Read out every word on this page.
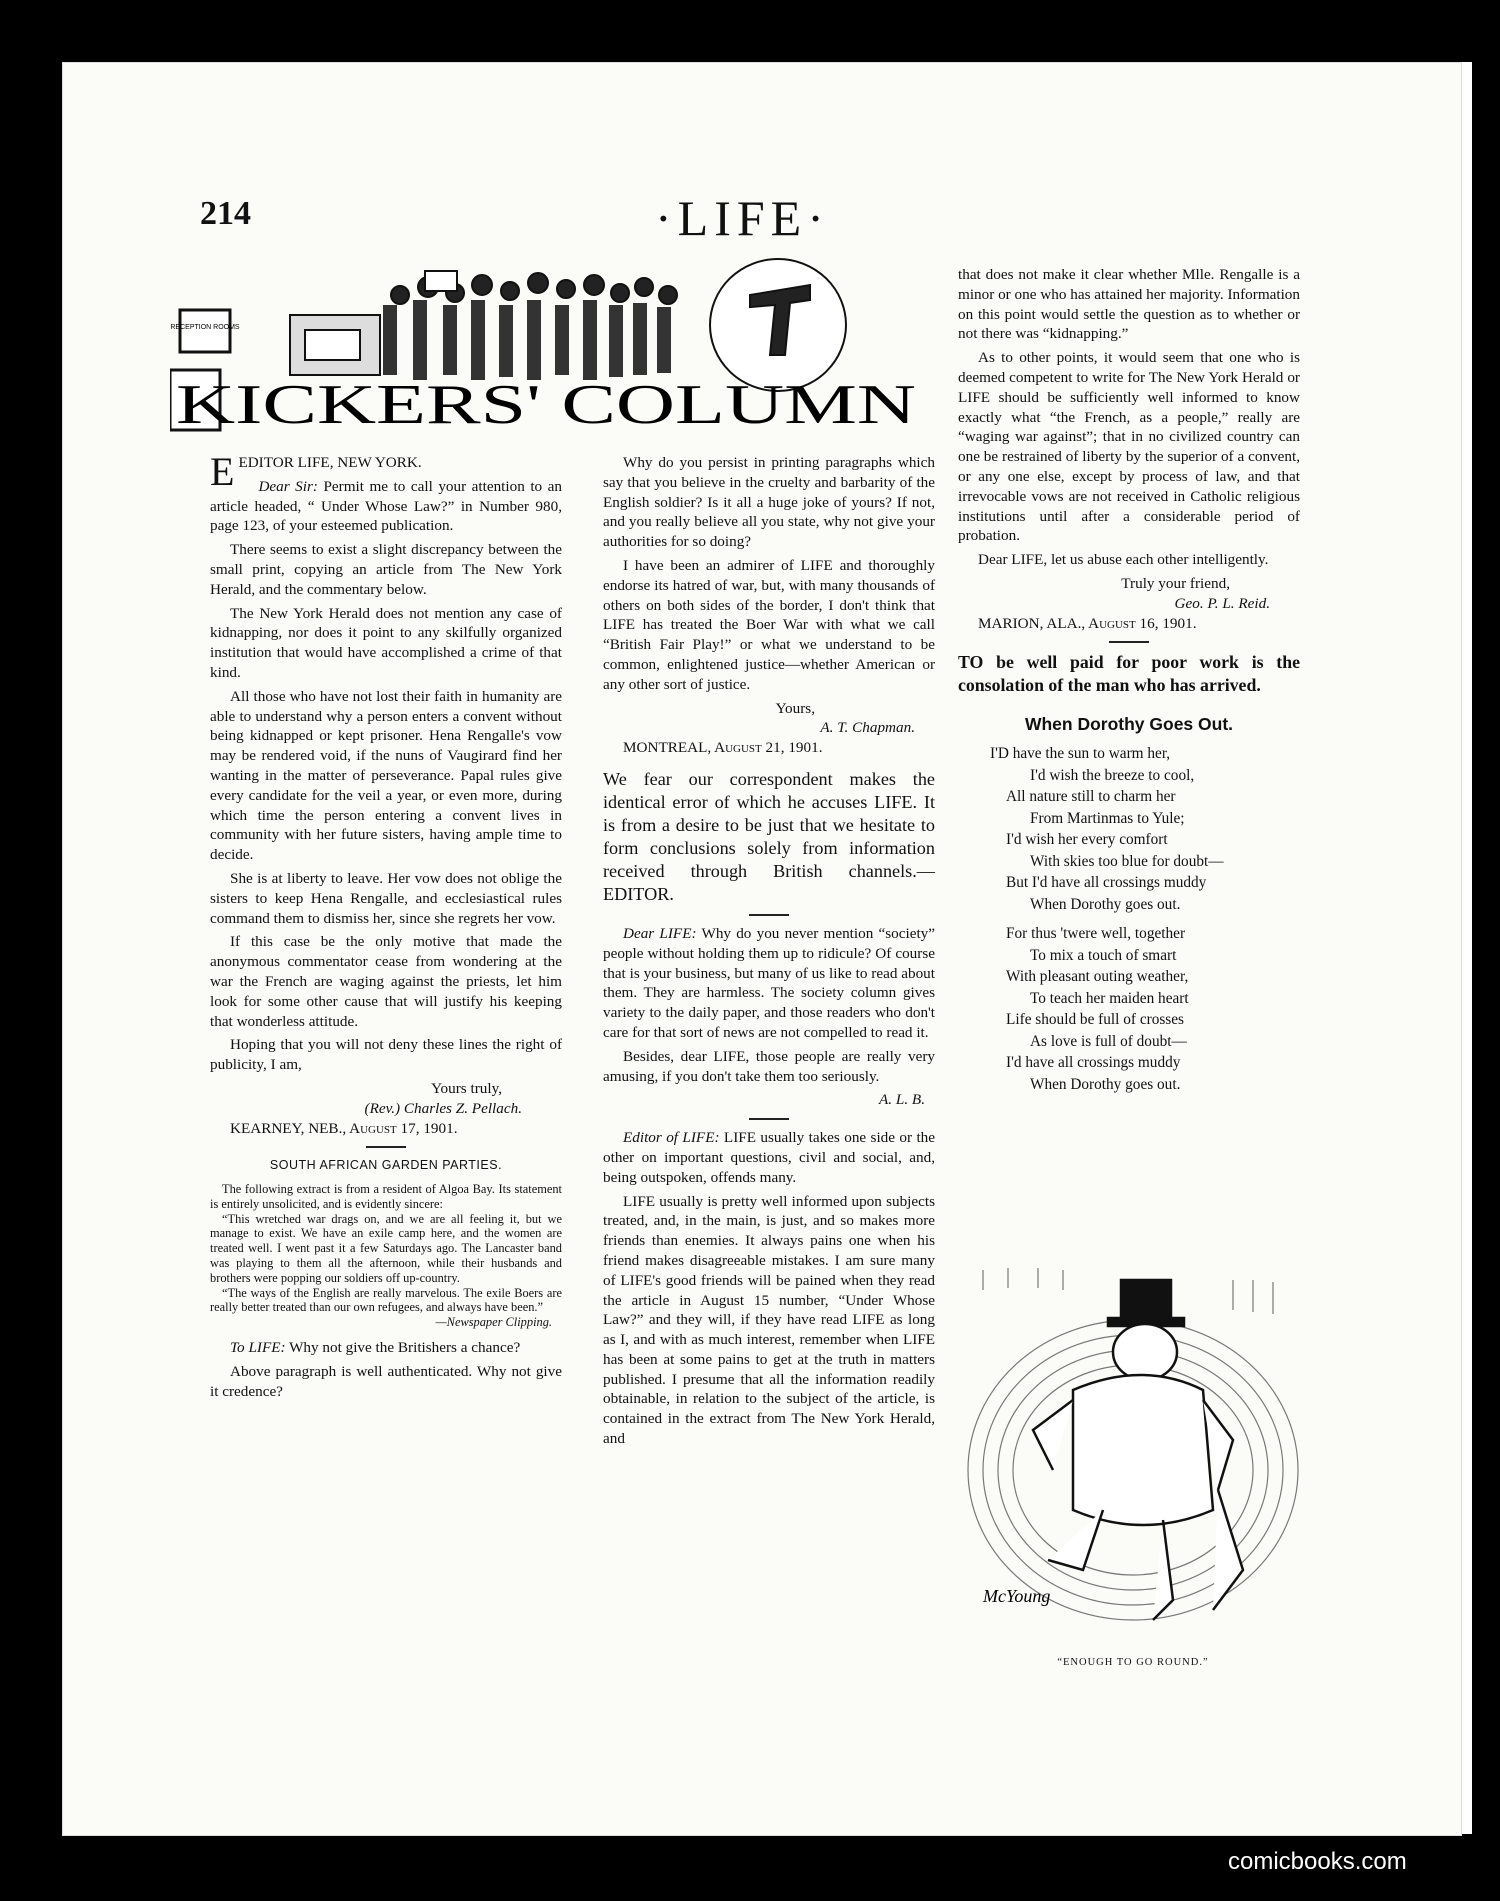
214	·LIFE·
RECEPTION ROOMS
KICKERS' COLUMN

EEDITOR LIFE, NEW YORK.

Dear Sir: Permit me to call your attention to an article headed, “ Under Whose Law?” in Number 980, page 123, of your esteemed publication.

There seems to exist a slight discrepancy between the small print, copying an article from The New York Herald, and the commentary below.

The New York Herald does not mention any case of kidnapping, nor does it point to any skilfully organized institution that would have accomplished a crime of that kind.

All those who have not lost their faith in humanity are able to understand why a person enters a convent without being kidnapped or kept prisoner. Hena Rengalle's vow may be rendered void, if the nuns of Vaugirard find her wanting in the matter of perseverance. Papal rules give every candidate for the veil a year, or even more, during which time the person entering a convent lives in community with her future sisters, having ample time to decide.

She is at liberty to leave. Her vow does not oblige the sisters to keep Hena Rengalle, and ecclesiastical rules command them to dismiss her, since she regrets her vow.

If this case be the only motive that made the anonymous commentator cease from wondering at the war the French are waging against the priests, let him look for some other cause that will justify his keeping that wonderless attitude.

Hoping that you will not deny these lines the right of publicity, I am,

Yours truly,
(Rev.) Charles Z. Pellach.

KEARNEY, NEB., August 17, 1901.

SOUTH AFRICAN GARDEN PARTIES.

The following extract is from a resident of Algoa Bay. Its statement is entirely unsolicited, and is evidently sincere:

“This wretched war drags on, and we are all feeling it, but we manage to exist. We have an exile camp here, and the women are treated well. I went past it a few Saturdays ago. The Lancaster band was playing to them all the afternoon, while their husbands and brothers were popping our soldiers off up-country.

“The ways of the English are really marvelous. The exile Boers are really better treated than our own refugees, and always have been.”

—Newspaper Clipping.

To LIFE: Why not give the Britishers a chance?

Above paragraph is well authenticated. Why not give it credence?

Why do you persist in printing paragraphs which say that you believe in the cruelty and barbarity of the English soldier? Is it all a huge joke of yours? If not, and you really believe all you state, why not give your authorities for so doing?

I have been an admirer of LIFE and thoroughly endorse its hatred of war, but, with many thousands of others on both sides of the border, I don't think that LIFE has treated the Boer War with what we call “British Fair Play!” or what we understand to be common, enlightened justice—whether American or any other sort of justice.

Yours,
A. T. Chapman.

MONTREAL, August 21, 1901.

We fear our correspondent makes the identical error of which he accuses LIFE. It is from a desire to be just that we hesitate to form conclusions solely from information received through British channels.—EDITOR.

Dear LIFE: Why do you never mention “society” people without holding them up to ridicule? Of course that is your business, but many of us like to read about them. They are harmless. The society column gives variety to the daily paper, and those readers who don't care for that sort of news are not compelled to read it.

Besides, dear LIFE, those people are really very amusing, if you don't take them too seriously.

A. L. B.

Editor of LIFE: LIFE usually takes one side or the other on important questions, civil and social, and, being outspoken, offends many.

LIFE usually is pretty well informed upon subjects treated, and, in the main, is just, and so makes more friends than enemies. It always pains one when his friend makes disagreeable mistakes. I am sure many of LIFE's good friends will be pained when they read the article in August 15 number, “Under Whose Law?” and they will, if they have read LIFE as long as I, and with as much interest, remember when LIFE has been at some pains to get at the truth in matters published. I presume that all the information readily obtainable, in relation to the subject of the article, is contained in the extract from The New York Herald, and

that does not make it clear whether Mlle. Rengalle is a minor or one who has attained her majority. Information on this point would settle the question as to whether or not there was “kidnapping.”

As to other points, it would seem that one who is deemed competent to write for The New York Herald or LIFE should be sufficiently well informed to know exactly what “the French, as a people,” really are “waging war against”; that in no civilized country can one be restrained of liberty by the superior of a convent, or any one else, except by process of law, and that irrevocable vows are not received in Catholic religious institutions until after a considerable period of probation.

Dear LIFE, let us abuse each other intelligently.

Truly your friend,
Geo. P. L. Reid.

MARION, ALA., August 16, 1901.

TO be well paid for poor work is the consolation of the man who has arrived.
When Dorothy Goes Out.
I'D have the sun to warm her,
I'd wish the breeze to cool,
All nature still to charm her
From Martinmas to Yule;
I'd wish her every comfort
With skies too blue for doubt—
But I'd have all crossings muddy
When Dorothy goes out.
For thus 'twere well, together
To mix a touch of smart
With pleasant outing weather,
To teach her maiden heart
Life should be full of crosses
As love is full of doubt—
I'd have all crossings muddy
When Dorothy goes out.
McYoung
“ENOUGH TO GO ROUND.”
comicbooks.com
